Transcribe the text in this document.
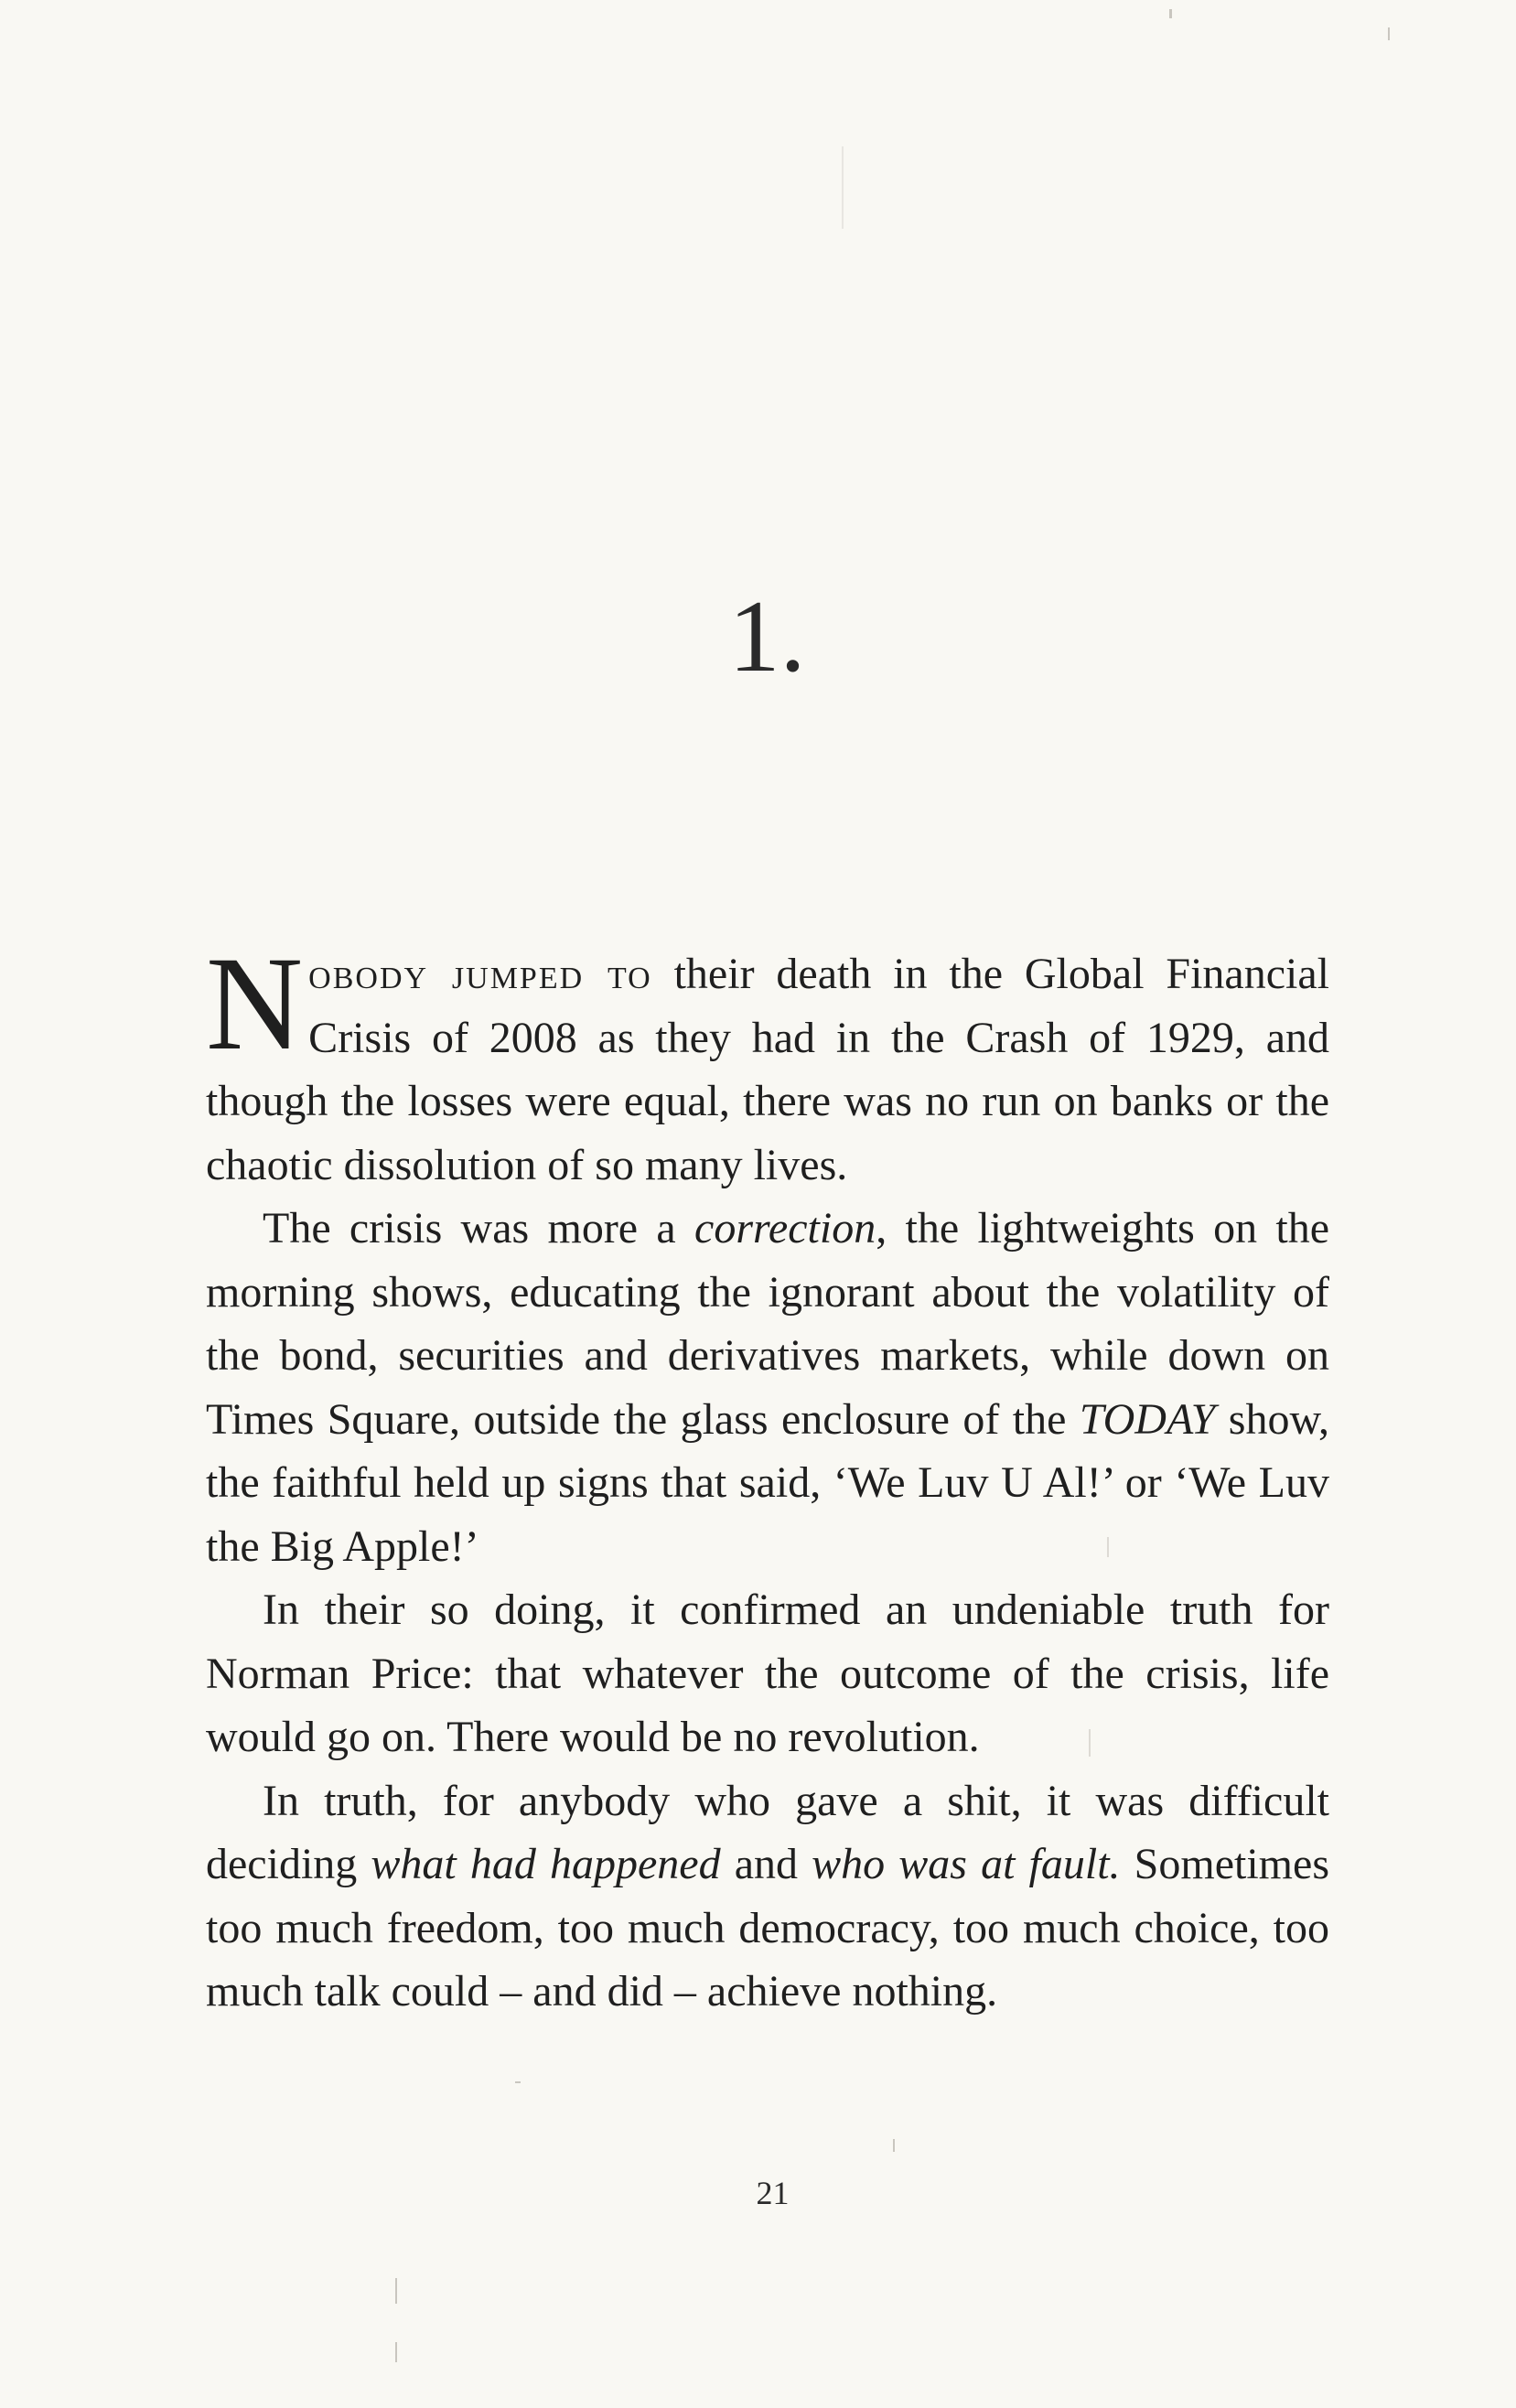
1.

Nobody jumped to their death in the Global Financial Crisis of 2008 as they had in the Crash of 1929, and though the losses were equal, there was no run on banks or the chaotic dissolution of so many lives.

The crisis was more a correction, the lightweights on the morning shows, educating the ignorant about the volatility of the bond, securities and derivatives markets, while down on Times Square, outside the glass enclosure of the TODAY show, the faithful held up signs that said, ‘We Luv U Al!’ or ‘We Luv the Big Apple!’

In their so doing, it confirmed an undeniable truth for Norman Price: that whatever the outcome of the crisis, life would go on. There would be no revolution.

In truth, for anybody who gave a shit, it was difficult deciding what had happened and who was at fault. Sometimes too much freedom, too much democracy, too much choice, too much talk could – and did – achieve nothing.

21
